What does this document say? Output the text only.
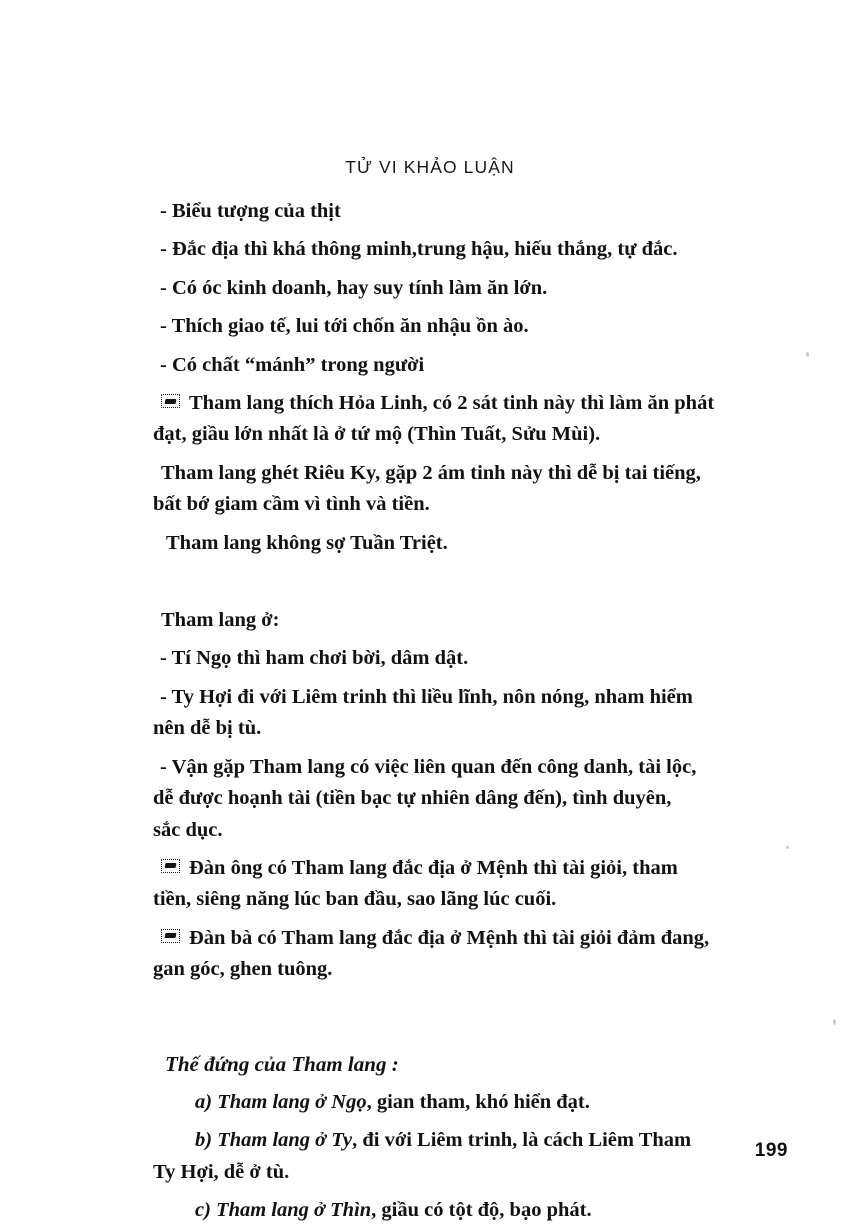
TỬ VI KHẢO LUẬN
- Biểu tượng của thịt
- Đắc địa thì khá thông minh,trung hậu, hiếu thắng, tự đắc.
- Có óc kinh doanh, hay suy tính làm ăn lớn.
- Thích giao tế, lui tới chốn ăn nhậu ồn ào.
- Có chất “mánh” trong người
Tham lang thích Hỏa Linh, có 2 sát tinh này thì làm ăn phát
đạt, giầu lớn nhất là ở tứ mộ (Thìn Tuất, Sửu Mùi).
Tham lang ghét Riêu Ky, gặp 2 ám tinh này thì dễ bị tai tiếng,
bất bớ giam cầm vì tình và tiền.
Tham lang không sợ Tuần Triệt.
Tham lang ở:
- Tí Ngọ thì ham chơi bời, dâm dật.
- Ty Hợi đi với Liêm trinh thì liều lĩnh, nôn nóng, nham hiểm
nên dễ bị tù.
- Vận gặp Tham lang có việc liên quan đến công danh, tài lộc,
dễ được hoạnh tài (tiền bạc tự nhiên dâng đến), tình duyên,
sắc dục.
Đàn ông có Tham lang đắc địa ở Mệnh thì tài giỏi, tham
tiền, siêng năng lúc ban đầu, sao lãng lúc cuối.
Đàn bà có Tham lang đắc địa ở Mệnh thì tài giỏi đảm đang,
gan góc, ghen tuông.
Thế đứng của Tham lang :
a) Tham lang ở Ngọ, gian tham, khó hiển đạt.
b) Tham lang ở Ty, đi với Liêm trinh, là cách Liêm Tham
Ty Hợi, dễ ở tù.
c) Tham lang ở Thìn, giầu có tột độ, bạo phát.
199
